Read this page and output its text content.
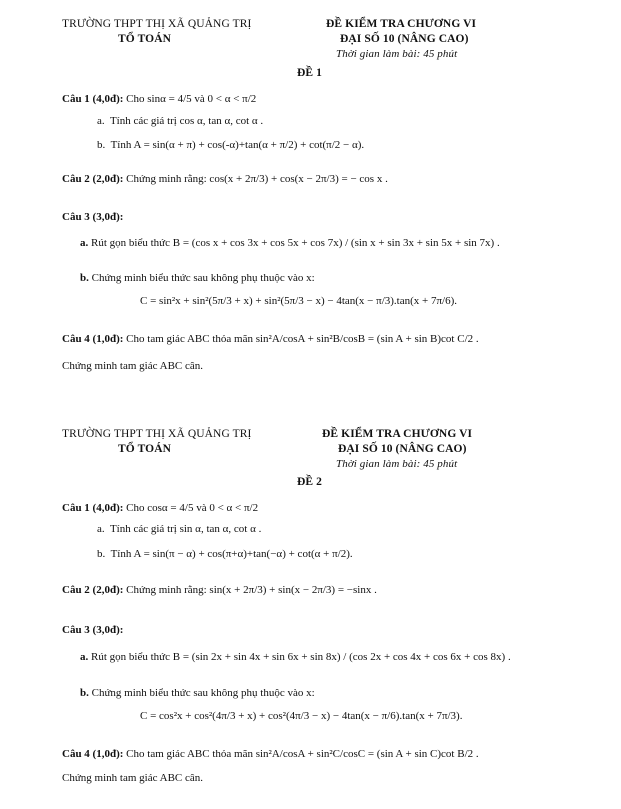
TRƯỜNG THPT THỊ XÃ QUẢNG TRỊ
TỔ TOÁN
ĐỀ KIỂM TRA CHƯƠNG VI
ĐẠI SỐ 10 (NÂNG CAO)
Thời gian làm bài: 45 phút
ĐỀ 1
Câu 1 (4,0đ): Cho sinα = 4/5 và 0 < α < π/2
a. Tính các giá trị cos α, tan α, cot α .
b. Tính A = sin(α + π) + cos(-α)+tan(α + π/2) + cot(π/2 − α).
Câu 2 (2,0đ): Chứng minh rằng: cos(x + 2π/3) + cos(x − 2π/3) = − cos x .
Câu 3 (3,0đ):
a. Rút gọn biểu thức B = (cos x + cos 3x + cos 5x + cos 7x) / (sin x + sin 3x + sin 5x + sin 7x) .
b. Chứng minh biểu thức sau không phụ thuộc vào x:
C = sin²x + sin²(5π/3 + x) + sin²(5π/3 − x) − 4tan(x − π/3).tan(x + 7π/6).
Câu 4 (1,0đ): Cho tam giác ABC thỏa mãn sin²A/cosA + sin²B/cosB = (sin A + sin B)cot C/2 .
Chứng minh tam giác ABC cân.
TRƯỜNG THPT THỊ XÃ QUẢNG TRỊ
TỔ TOÁN
ĐỀ KIỂM TRA CHƯƠNG VI
ĐẠI SỐ 10 (NÂNG CAO)
Thời gian làm bài: 45 phút
ĐỀ 2
Câu 1 (4,0đ): Cho cosα = 4/5 và 0 < α < π/2
a. Tính các giá trị sin α, tan α, cot α .
b. Tính A = sin(π − α) + cos(π+α)+tan(−α) + cot(α + π/2).
Câu 2 (2,0đ): Chứng minh rằng: sin(x + 2π/3) + sin(x − 2π/3) = −sinx .
Câu 3 (3,0đ):
a. Rút gọn biểu thức B = (sin 2x + sin 4x + sin 6x + sin 8x) / (cos 2x + cos 4x + cos 6x + cos 8x) .
b. Chứng minh biểu thức sau không phụ thuộc vào x:
C = cos²x + cos²(4π/3 + x) + cos²(4π/3 − x) − 4tan(x − π/6).tan(x + 7π/3).
Câu 4 (1,0đ): Cho tam giác ABC thỏa mãn sin²A/cosA + sin²C/cosC = (sin A + sin C)cot B/2 .
Chứng minh tam giác ABC cân.
